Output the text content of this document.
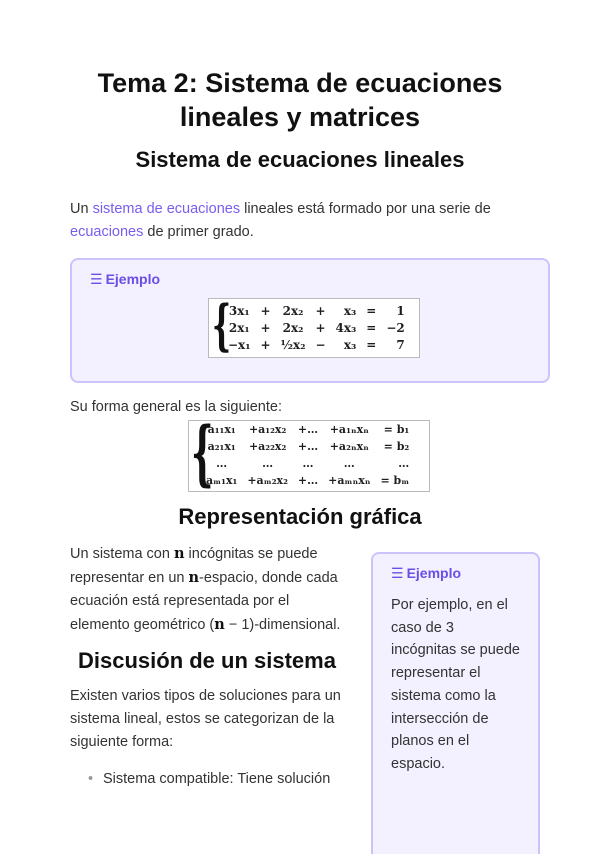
Tema 2: Sistema de ecuaciones
lineales y matrices
Sistema de ecuaciones lineales
Un sistema de ecuaciones lineales está formado por una serie de
ecuaciones de primer grado.
☰ Ejemplo
{
3x₁	+	2x₂	+	x₃	=	1
2x₁	+	2x₂	+	4x₃	=	−2
−x₁	+	½x₂	−	x₃	=	7
Su forma general es la siguiente:
{
a₁₁x₁	+a₁₂x₂	+…	+a₁ₙxₙ	= b₁
a₂₁x₁	+a₂₂x₂	+…	+a₂ₙxₙ	= b₂
…	…	…	…	…
aₘ₁x₁	+aₘ₂x₂	+…	+aₘₙxₙ	= bₘ
Representación gráfica
Un sistema con n incógnitas se puede
representar en un n-espacio, donde cada
ecuación está representada por el
elemento geométrico (n − 1)-dimensional.
☰ Ejemplo
Por ejemplo, en el
caso de 3
incógnitas se puede
representar el
sistema como la
intersección de
planos en el
espacio.
Discusión de un sistema
Existen varios tipos de soluciones para un
sistema lineal, estos se categorizan de la
siguiente forma:
• Sistema compatible: Tiene solución
